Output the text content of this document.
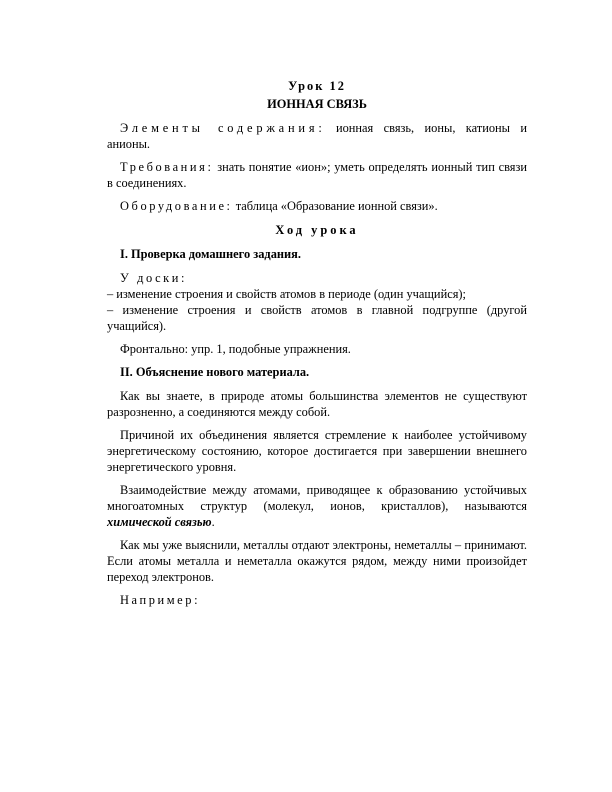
Урок 12
ИОННАЯ СВЯЗЬ

Элементы содержания: ионная связь, ионы, катионы и анионы.

Требования: знать понятие «ион»; уметь определять ионный тип связи в соединениях.

Оборудование: таблица «Образование ионной связи».

Ход урока
I. Проверка домашнего задания.

У доски:

– изменение строения и свойств атомов в периоде (один учащийся);

– изменение строения и свойств атомов в главной подгруппе (другой учащийся).

Фронтально: упр. 1, подобные упражнения.

II. Объяснение нового материала.

Как вы знаете, в природе атомы большинства элементов не существуют разрозненно, а соединяются между собой.

Причиной их объединения является стремление к наиболее устойчивому энергетическому состоянию, которое достигается при завершении внешнего энергетического уровня.

Взаимодействие между атомами, приводящее к образованию устойчивых многоатомных структур (молекул, ионов, кристаллов), называются химической связью.

Как мы уже выяснили, металлы отдают электроны, неметаллы – принимают. Если атомы металла и неметалла окажутся рядом, между ними произойдет переход электронов.

Например:
